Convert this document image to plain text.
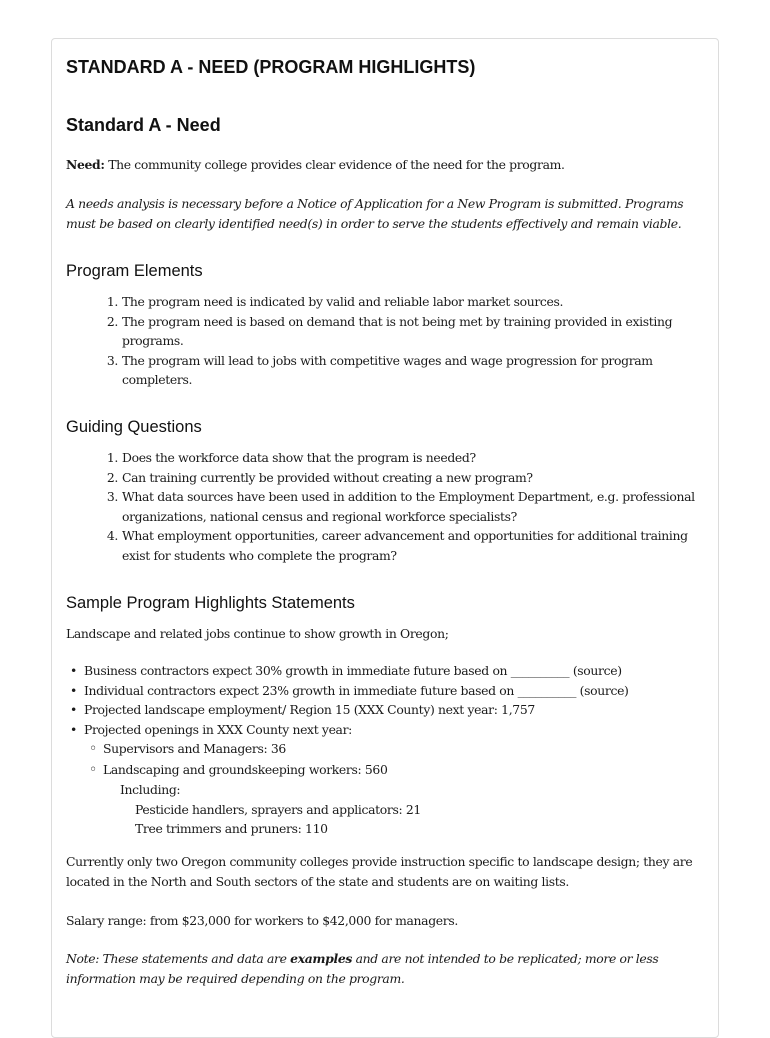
STANDARD A - NEED (PROGRAM HIGHLIGHTS)
Standard A - Need

Need: The community college provides clear evidence of the need for the program.

A needs analysis is necessary before a Notice of Application for a New Program is submitted. Programs
must be based on clearly identified need(s) in order to serve the students effectively and remain viable.
Program Elements
1. The program need is indicated by valid and reliable labor market sources.
2. The program need is based on demand that is not being met by training provided in existing
programs.
3. The program will lead to jobs with competitive wages and wage progression for program
completers.
Guiding Questions
1. Does the workforce data show that the program is needed?
2. Can training currently be provided without creating a new program?
3. What data sources have been used in addition to the Employment Department, e.g. professional
organizations, national census and regional workforce specialists?
4. What employment opportunities, career advancement and opportunities for additional training
exist for students who complete the program?
Sample Program Highlights Statements

Landscape and related jobs continue to show growth in Oregon;

•Business contractors expect 30% growth in immediate future based on __________ (source)
•Individual contractors expect 23% growth in immediate future based on __________ (source)
•Projected landscape employment/ Region 15 (XXX County) next year: 1,757
•Projected openings in XXX County next year:
◦Supervisors and Managers: 36
◦Landscaping and groundskeeping workers: 560
Including:
Pesticide handlers, sprayers and applicators: 21
Tree trimmers and pruners: 110
Currently only two Oregon community colleges provide instruction specific to landscape design; they are
located in the North and South sectors of the state and students are on waiting lists.

Salary range: from $23,000 for workers to $42,000 for managers.

Note: These statements and data are examples and are not intended to be replicated; more or less
information may be required depending on the program.
